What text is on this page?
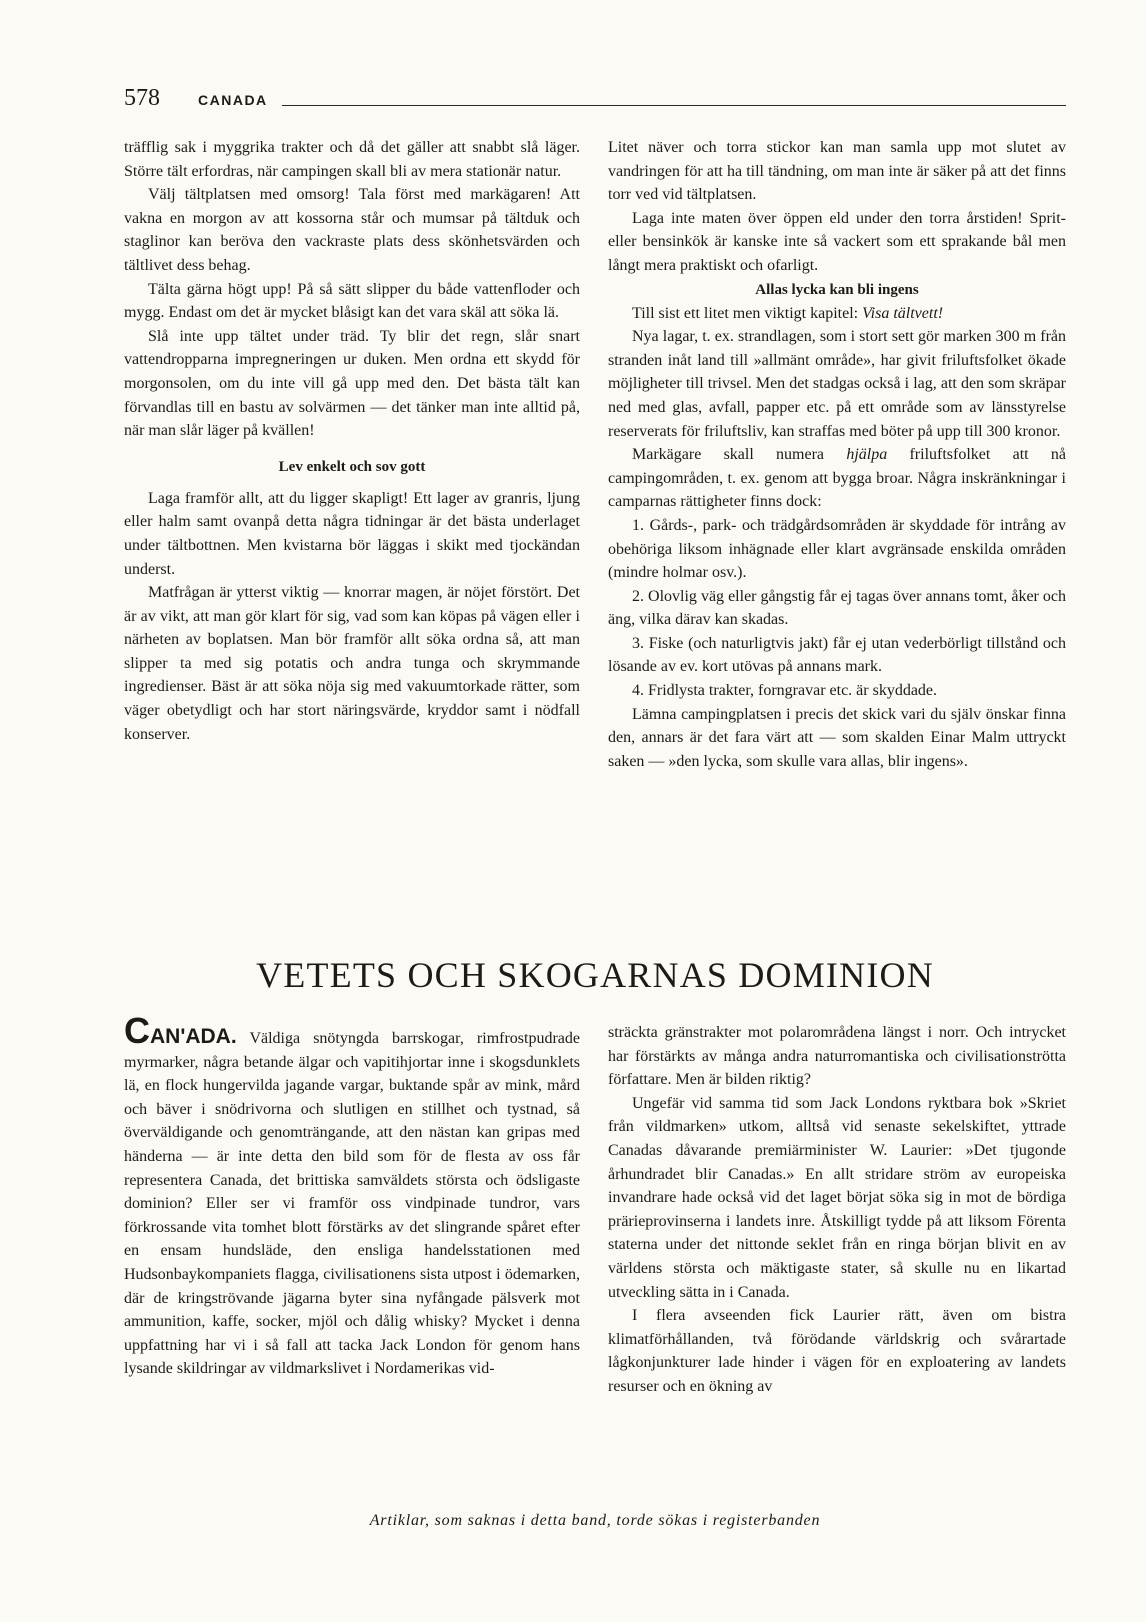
578	CANADA

träfflig sak i myggrika trakter och då det gäller att snabbt slå läger. Större tält erfordras, när campingen skall bli av mera stationär natur.

Välj tältplatsen med omsorg! Tala först med markägaren! Att vakna en morgon av att kossorna står och mumsar på tältduk och staglinor kan beröva den vackraste plats dess skönhetsvärden och tältlivet dess behag.

Tälta gärna högt upp! På så sätt slipper du både vattenfloder och mygg. Endast om det är mycket blåsigt kan det vara skäl att söka lä.

Slå inte upp tältet under träd. Ty blir det regn, slår snart vattendropparna impregneringen ur duken. Men ordna ett skydd för morgonsolen, om du inte vill gå upp med den. Det bästa tält kan förvandlas till en bastu av solvärmen — det tänker man inte alltid på, när man slår läger på kvällen!

Lev enkelt och sov gott

Laga framför allt, att du ligger skapligt! Ett lager av granris, ljung eller halm samt ovanpå detta några tidningar är det bästa underlaget under tältbottnen. Men kvistarna bör läggas i skikt med tjockändan underst.

Matfrågan är ytterst viktig — knorrar magen, är nöjet förstört. Det är av vikt, att man gör klart för sig, vad som kan köpas på vägen eller i närheten av boplatsen. Man bör framför allt söka ordna så, att man slipper ta med sig potatis och andra tunga och skrymmande ingredienser. Bäst är att söka nöja sig med vakuumtorkade rätter, som väger obetydligt och har stort näringsvärde, kryddor samt i nödfall konserver.

Litet näver och torra stickor kan man samla upp mot slutet av vandringen för att ha till tändning, om man inte är säker på att det finns torr ved vid tältplatsen.

Laga inte maten över öppen eld under den torra årstiden! Sprit- eller bensinkök är kanske inte så vackert som ett sprakande bål men långt mera praktiskt och ofarligt.

Allas lycka kan bli ingens

Till sist ett litet men viktigt kapitel: Visa tältvett!

Nya lagar, t. ex. strandlagen, som i stort sett gör marken 300 m från stranden inåt land till »allmänt område», har givit friluftsfolket ökade möjligheter till trivsel. Men det stadgas också i lag, att den som skräpar ned med glas, avfall, papper etc. på ett område som av länsstyrelse reserverats för friluftsliv, kan straffas med böter på upp till 300 kronor.

Markägare skall numera hjälpa friluftsfolket att nå campingområden, t. ex. genom att bygga broar. Några inskränkningar i camparnas rättigheter finns dock:

1. Gårds-, park- och trädgårdsområden är skyddade för intrång av obehöriga liksom inhägnade eller klart avgränsade enskilda områden (mindre holmar osv.).

2. Olovlig väg eller gångstig får ej tagas över annans tomt, åker och äng, vilka därav kan skadas.

3. Fiske (och naturligtvis jakt) får ej utan vederbörligt tillstånd och lösande av ev. kort utövas på annans mark.

4. Fridlysta trakter, forngravar etc. är skyddade.

Lämna campingplatsen i precis det skick vari du själv önskar finna den, annars är det fara värt att — som skalden Einar Malm uttryckt saken — »den lycka, som skulle vara allas, blir ingens».

VETETS OCH SKOGARNAS DOMINION

CAN'ADA. Väldiga snötyngda barrskogar, rimfrostpudrade myrmarker, några betande älgar och vapitihjortar inne i skogsdunklets lä, en flock hungervilda jagande vargar, buktande spår av mink, mård och bäver i snödrivorna och slutligen en stillhet och tystnad, så överväldigande och genomträngande, att den nästan kan gripas med händerna — är inte detta den bild som för de flesta av oss får representera Canada, det brittiska samväldets största och ödsligaste dominion? Eller ser vi framför oss vindpinade tundror, vars förkrossande vita tomhet blott förstärks av det slingrande spåret efter en ensam hundsläde, den ensliga handelsstationen med Hudsonbaykompaniets flagga, civilisationens sista utpost i ödemarken, där de kringströvande jägarna byter sina nyfångade pälsverk mot ammunition, kaffe, socker, mjöl och dålig whisky? Mycket i denna uppfattning har vi i så fall att tacka Jack London för genom hans lysande skildringar av vildmarkslivet i Nordamerikas vid-

sträckta gränstrakter mot polarområdena längst i norr. Och intrycket har förstärkts av många andra naturromantiska och civilisationströtta författare. Men är bilden riktig?

Ungefär vid samma tid som Jack Londons ryktbara bok »Skriet från vildmarken» utkom, alltså vid senaste sekelskiftet, yttrade Canadas dåvarande premiärminister W. Laurier: »Det tjugonde århundradet blir Canadas.» En allt stridare ström av europeiska invandrare hade också vid det laget börjat söka sig in mot de bördiga prärieprovinserna i landets inre. Åtskilligt tydde på att liksom Förenta staterna under det nittonde seklet från en ringa början blivit en av världens största och mäktigaste stater, så skulle nu en likartad utveckling sätta in i Canada.

I flera avseenden fick Laurier rätt, även om bistra klimatförhållanden, två förödande världskrig och svårartade lågkonjunkturer lade hinder i vägen för en exploatering av landets resurser och en ökning av

Artiklar, som saknas i detta band, torde sökas i registerbanden
